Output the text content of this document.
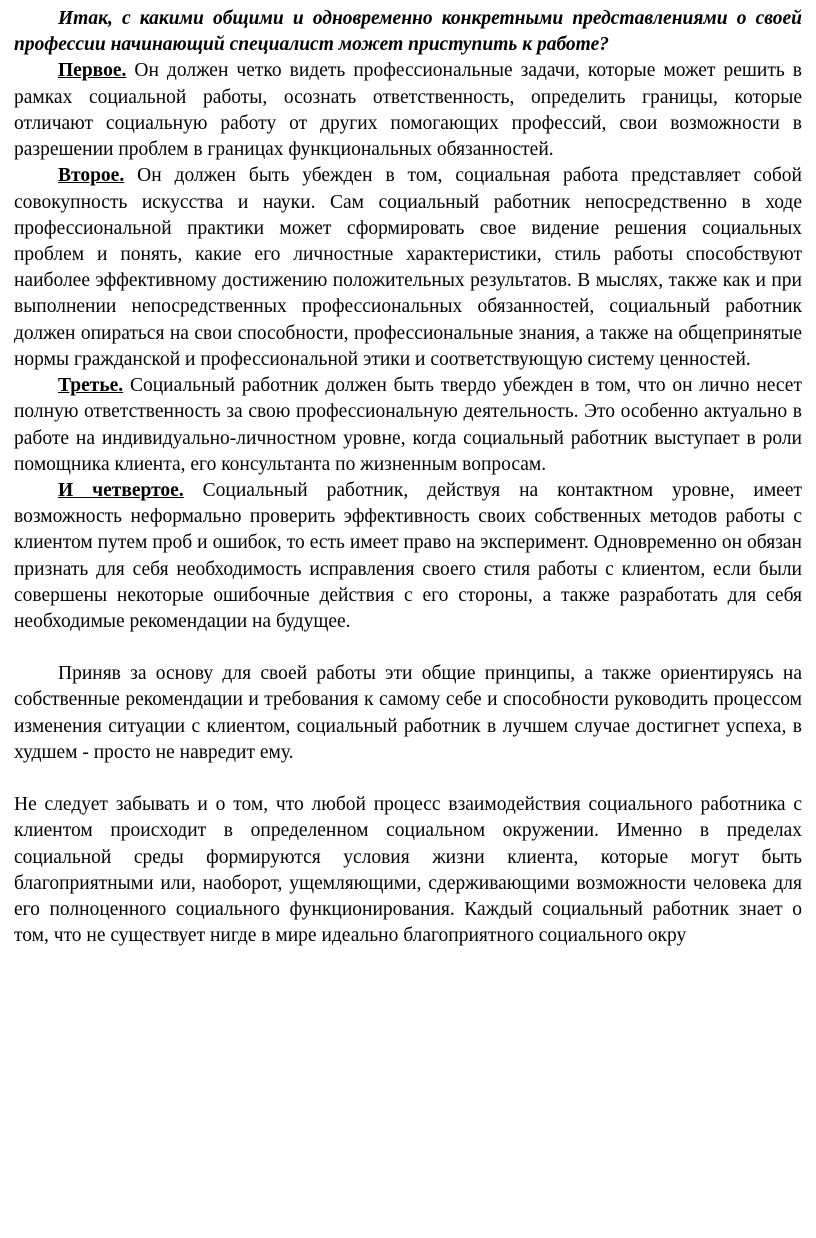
Итак, с какими общими и одновременно конкретными представлениями о своей профессии начинающий специалист может приступить к работе?

Первое. Он должен четко видеть профессиональные задачи, которые может решить в рамках социальной работы, осознать ответственность, определить границы, которые отличают социальную работу от других помогающих профессий, свои возможности в разрешении проблем в границах функциональных обязанностей.

Второе. Он должен быть убежден в том, социальная работа представляет собой совокупность искусства и науки. Сам социальный работник непосредственно в ходе профессиональной практики может сформировать свое видение решения социальных проблем и понять, какие его личностные характеристики, стиль работы способствуют наиболее эффективному достижению положительных результатов. В мыслях, также как и при выполнении непосредственных профессиональных обязанностей, социальный работник должен опираться на свои способности, профессиональные знания, а также на общепринятые нормы гражданской и профессиональной этики и соответствующую систему ценностей.

Третье. Социальный работник должен быть твердо убежден в том, что он лично несет полную ответственность за свою профессиональную деятельность. Это особенно актуально в работе на индивидуально-личностном уровне, когда социальный работник выступает в роли помощника клиента, его консультанта по жизненным вопросам.

И четвертое. Социальный работник, действуя на контактном уровне, имеет возможность неформально проверить эффективность своих собственных методов работы с клиентом путем проб и ошибок, то есть имеет право на эксперимент. Одновременно он обязан признать для себя необходимость исправления своего стиля работы с клиентом, если были совершены некоторые ошибочные действия с его стороны, а также разработать для себя необходимые рекомендации на будущее.

Приняв за основу для своей работы эти общие принципы, а также ориентируясь на собственные рекомендации и требования к самому себе и способности руководить процессом изменения ситуации с клиентом, социальный работник в лучшем случае достигнет успеха, в худшем - просто не навредит ему.

Не следует забывать и о том, что любой процесс взаимодействия социального работника с клиентом происходит в определенном социальном окружении. Именно в пределах социальной среды формируются условия жизни клиента, которые могут быть благоприятными или, наоборот, ущемляющими, сдерживающими возможности человека для его полноценного социального функционирования. Каждый социальный работник знает о том, что не существует нигде в мире идеально благоприятного социального окру
